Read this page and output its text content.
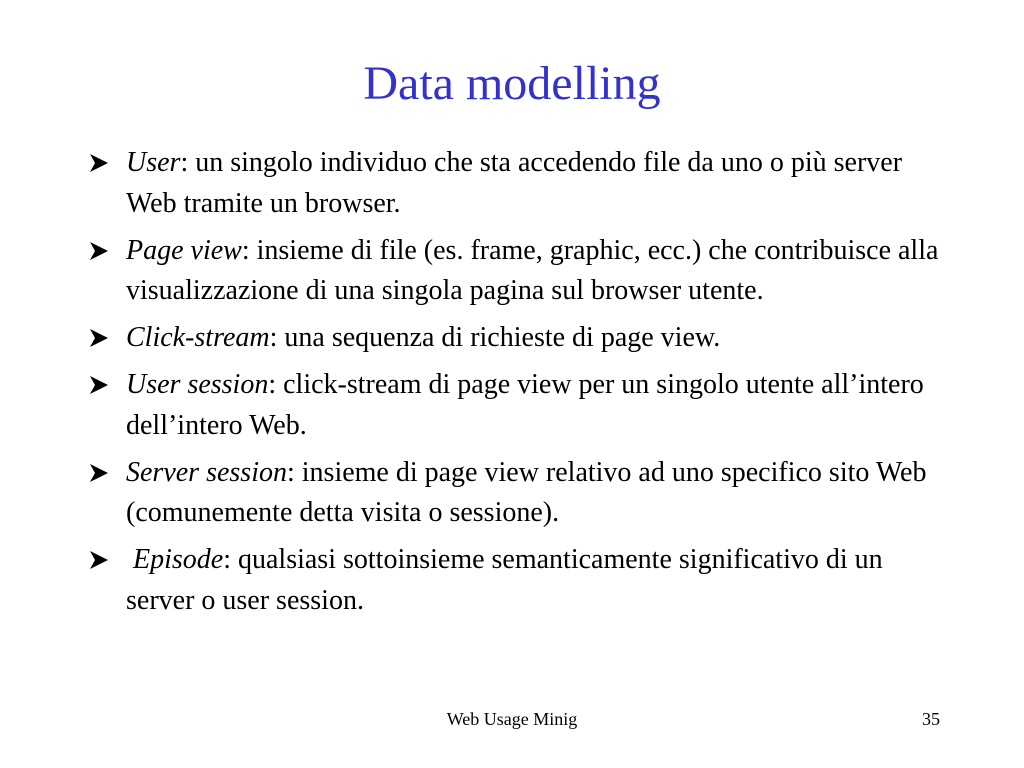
Data modelling
User: un singolo individuo che sta accedendo file da uno o più server Web tramite un browser.
Page view: insieme di file (es. frame, graphic, ecc.) che contribuisce alla visualizzazione di una singola pagina sul browser utente.
Click-stream: una sequenza di richieste di page view.
User session: click-stream di page view per un singolo utente all’intero dell’intero Web.
Server session: insieme di page view relativo ad uno specifico sito Web (comunemente detta visita o sessione).
Episode: qualsiasi sottoinsieme semanticamente significativo di un server o user session.
Web Usage Minig	35
